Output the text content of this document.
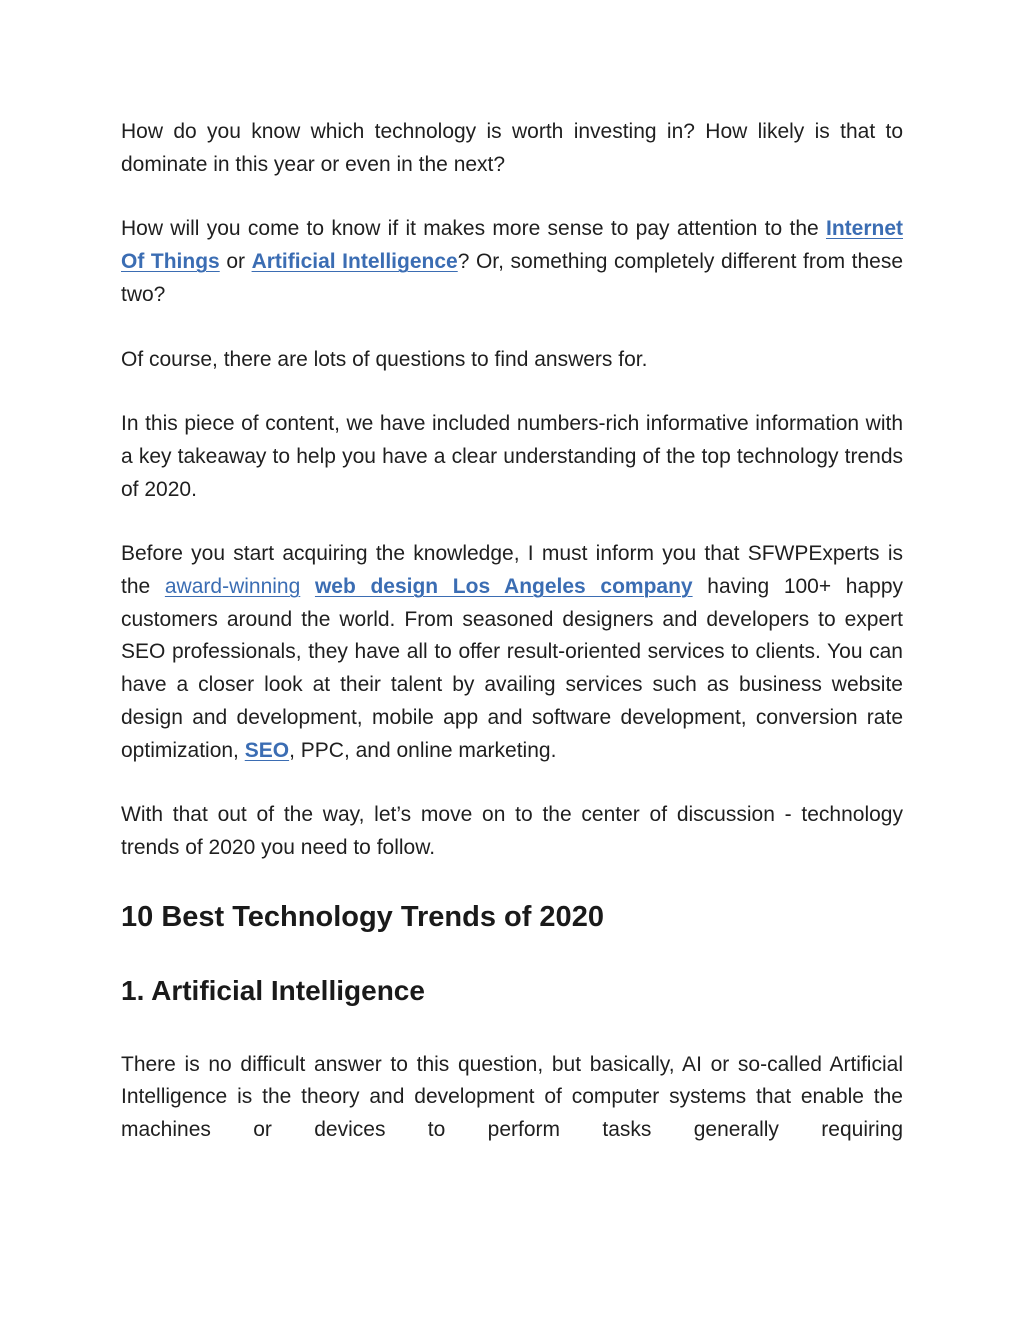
How do you know which technology is worth investing in? How likely is that to dominate in this year or even in the next?

How will you come to know if it makes more sense to pay attention to the Internet Of Things or Artificial Intelligence? Or, something completely different from these two?

Of course, there are lots of questions to find answers for.

In this piece of content, we have included numbers-rich informative information with a key takeaway to help you have a clear understanding of the top technology trends of 2020.

Before you start acquiring the knowledge, I must inform you that SFWPExperts is the award-winning web design Los Angeles company having 100+ happy customers around the world. From seasoned designers and developers to expert SEO professionals, they have all to offer result-oriented services to clients. You can have a closer look at their talent by availing services such as business website design and development, mobile app and software development, conversion rate optimization, SEO, PPC, and online marketing.

With that out of the way, let’s move on to the center of discussion - technology trends of 2020 you need to follow.

10 Best Technology Trends of 2020
1. Artificial Intelligence

There is no difficult answer to this question, but basically, AI or so-called Artificial Intelligence is the theory and development of computer systems that enable the machines or devices to perform tasks generally requiring
